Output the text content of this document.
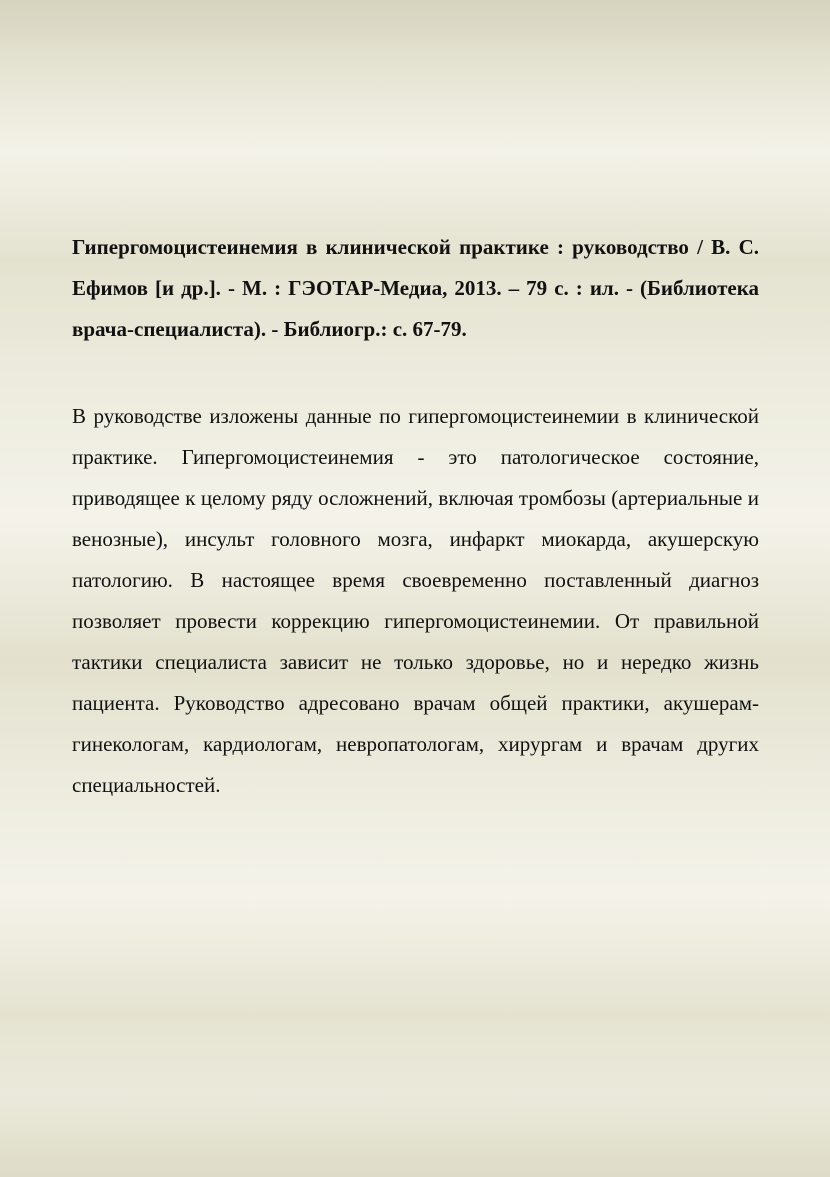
Гипергомоцистеинемия в клинической практике : руководство / В. С. Ефимов [и др.]. - М. : ГЭОТАР-Медиа, 2013. – 79 с. : ил. - (Библиотека врача-специалиста). - Библиогр.: с. 67-79.

В руководстве изложены данные по гипергомоцистеинемии в клинической практике. Гипергомоцистеинемия - это патологическое состояние, приводящее к целому ряду осложнений, включая тромбозы (артериальные и венозные), инсульт головного мозга, инфаркт миокарда, акушерскую патологию. В настоящее время своевременно поставленный диагноз позволяет провести коррекцию гипергомоцистеинемии. От правильной тактики специалиста зависит не только здоровье, но и нередко жизнь пациента. Руководство адресовано врачам общей практики, акушерам-гинекологам, кардиологам, невропатологам, хирургам и врачам других специальностей.
